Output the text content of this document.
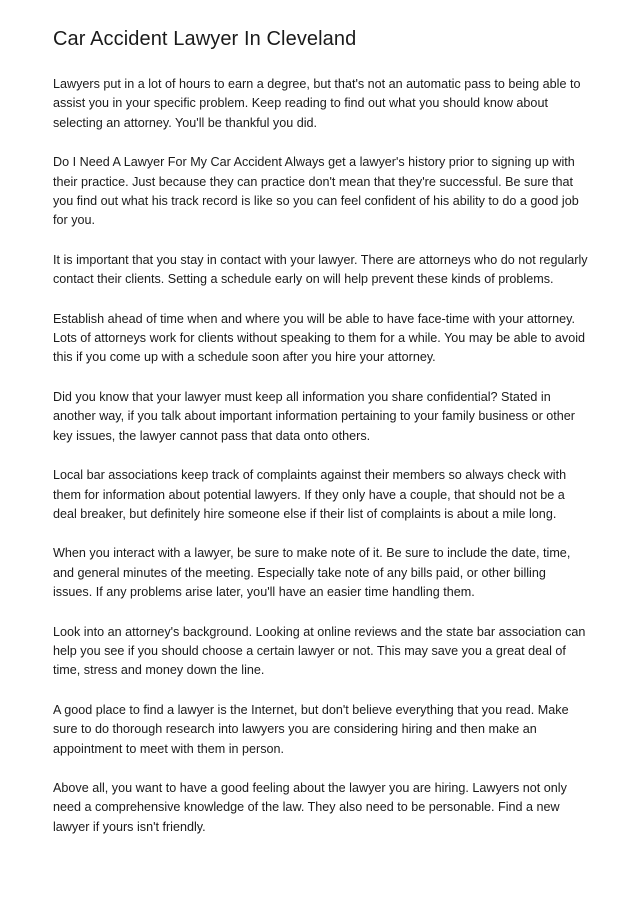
Car Accident Lawyer In Cleveland

Lawyers put in a lot of hours to earn a degree, but that's not an automatic pass to being able to assist you in your specific problem. Keep reading to find out what you should know about selecting an attorney. You'll be thankful you did.

Do I Need A Lawyer For My Car Accident Always get a lawyer's history prior to signing up with their practice. Just because they can practice don't mean that they're successful. Be sure that you find out what his track record is like so you can feel confident of his ability to do a good job for you.

It is important that you stay in contact with your lawyer. There are attorneys who do not regularly contact their clients. Setting a schedule early on will help prevent these kinds of problems.

Establish ahead of time when and where you will be able to have face-time with your attorney. Lots of attorneys work for clients without speaking to them for a while. You may be able to avoid this if you come up with a schedule soon after you hire your attorney.

Did you know that your lawyer must keep all information you share confidential? Stated in another way, if you talk about important information pertaining to your family business or other key issues, the lawyer cannot pass that data onto others.

Local bar associations keep track of complaints against their members so always check with them for information about potential lawyers. If they only have a couple, that should not be a deal breaker, but definitely hire someone else if their list of complaints is about a mile long.

When you interact with a lawyer, be sure to make note of it. Be sure to include the date, time, and general minutes of the meeting. Especially take note of any bills paid, or other billing issues. If any problems arise later, you'll have an easier time handling them.

Look into an attorney's background. Looking at online reviews and the state bar association can help you see if you should choose a certain lawyer or not. This may save you a great deal of time, stress and money down the line.

A good place to find a lawyer is the Internet, but don't believe everything that you read. Make sure to do thorough research into lawyers you are considering hiring and then make an appointment to meet with them in person.

Above all, you want to have a good feeling about the lawyer you are hiring. Lawyers not only need a comprehensive knowledge of the law. They also need to be personable. Find a new lawyer if yours isn't friendly.
